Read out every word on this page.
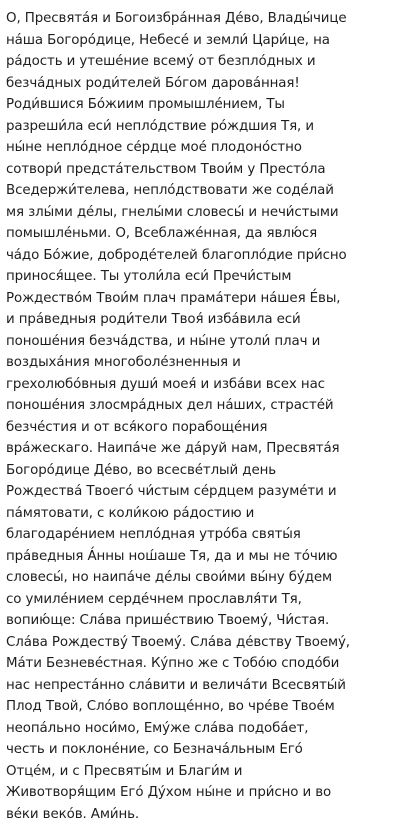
О, Пресвята́я и Богоизбра́нная Де́во, Влады́чице
на́ша Богоро́дице, Небесе́ и земли́ Цари́це, на
ра́дость и утеше́ние всему́ от безпло́дных и
безча́дных роди́телей Бо́гом дарова́нная!
Роди́вшися Бо́жиим промышле́нием, Ты
разреши́ла еси́ непло́дствие ро́ждшия Тя, и
ны́не непло́дное се́рдце мое́ плодоно́стно
сотвори́ предста́тельством Твои́м у Престо́ла
Вседержи́телева, непло́дствовати же соде́лай
мя злы́ми де́лы, гнелы́ми словесы́ и нечи́стыми
помышле́ньми. О, Всеблаже́нная, да явлю́ся
ча́до Бо́жие, доброде́телей благопло́дие при́сно
принося́щее. Ты утоли́ла еси́ Пречи́стым
Рождество́м Твои́м плач прама́тери на́шея Е́вы,
и пра́ведныя роди́тели Твоя́ изба́вила еси́
поноше́ния безча́дства, и ны́не утоли́ плач и
воздыха́ния многоболе́зненныя и
грехолюбо́вныя души́ моея́ и изба́ви всех нас
поноше́ния злосмра́дных дел на́ших, страсте́й
безче́стия и от вся́кого порабоще́ния
вра́жескаго. Наипа́че же да́руй нам, Пресвята́я
Богоро́дице Де́во, во всесве́тлый день
Рождества́ Твоего́ чи́стым се́рдцем разуме́ти и
па́мятовати, с коли́кою ра́достию и
благодаре́нием непло́дная утро́ба святы́я
пра́ведныя А́нны нош́аше Тя, да и мы не то́чию
словесы́, но наипа́че де́лы свои́ми вы́ну бу́дем
со умиле́нием серде́чнем прославля́ти Тя,
вопию́ще: Сла́ва прише́ствию Твоему́, Чи́стая.
Сла́ва Рождеству́ Твоему́. Сла́ва де́вству Твоему́,
Ма́ти Безневе́стная. Ку́пно же с Тобо́ю сподо́би
нас непреста́нно сла́вити и велича́ти Всесвяты́й
Плод Твой, Сло́во воплоще́нно, во чре́ве Твое́м
неопа́льно носи́мо, Ему́же сла́ва подоба́ет,
честь и поклоне́ние, со Безнача́льным Его́
Отце́м, и с Пресвяты́м и Благи́м и
Животворя́щим Его́ Ду́хом ны́не и при́сно и во
ве́ки веко́в. Ами́нь.
